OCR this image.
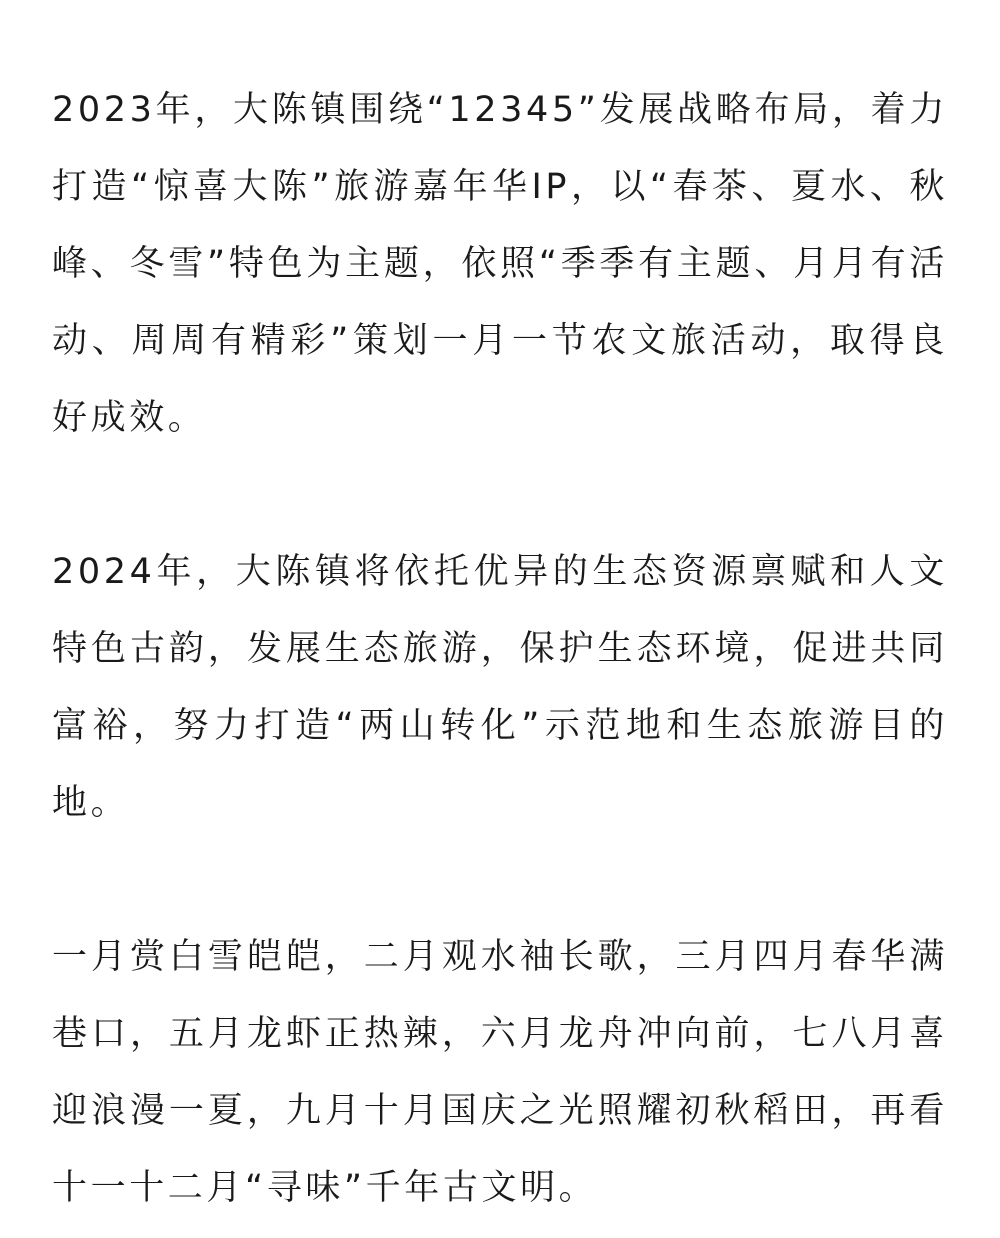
2023年，大陈镇围绕“12345”发展战略布局，着力打造“惊喜大陈”旅游嘉年华IP，以“春茶、夏水、秋峰、冬雪”特色为主题，依照“季季有主题、月月有活动、周周有精彩”策划一月一节农文旅活动，取得良好成效。

2024年，大陈镇将依托优异的生态资源禀赋和人文特色古韵，发展生态旅游，保护生态环境，促进共同富裕，努力打造“两山转化”示范地和生态旅游目的地。

一月赏白雪皑皑，二月观水袖长歌，三月四月春华满巷口，五月龙虾正热辣，六月龙舟冲向前，七八月喜迎浪漫一夏，九月十月国庆之光照耀初秋稻田，再看十一十二月“寻味”千年古文明。
